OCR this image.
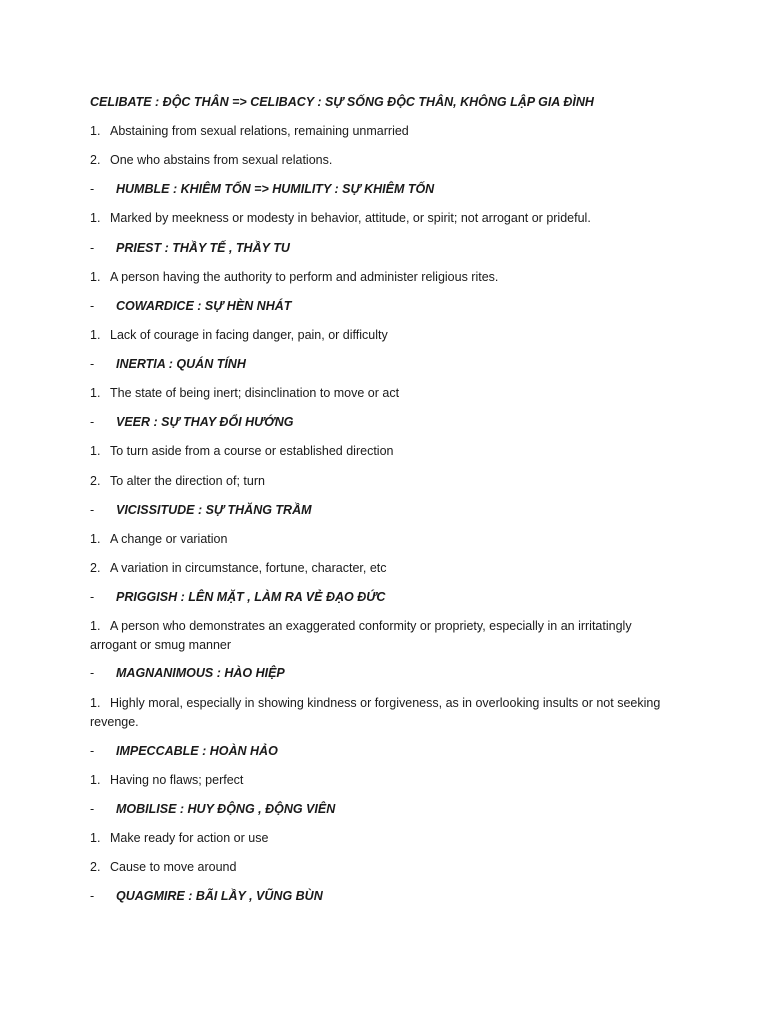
CELIBATE : ĐỘC THÂN => CELIBACY : SỰ SỐNG ĐỘC THÂN, KHÔNG LẬP GIA ĐÌNH
1. Abstaining from sexual relations, remaining unmarried
2. One who abstains from sexual relations.
- HUMBLE : KHIÊM TỐN => HUMILITY : SỰ KHIÊM TỐN
1. Marked by meekness or modesty in behavior, attitude, or spirit; not arrogant or prideful.
- PRIEST : THẦY TẾ , THẦY TU
1. A person having the authority to perform and administer religious rites.
- COWARDICE : SỰ HÈN NHÁT
1. Lack of courage in facing danger, pain, or difficulty
- INERTIA : QUÁN TÍNH
1. The state of being inert; disinclination to move or act
- VEER : SỰ THAY ĐỔI HƯỚNG
1. To turn aside from a course or established direction
2. To alter the direction of; turn
- VICISSITUDE : SỰ THĂNG TRẦM
1. A change or variation
2. A variation in circumstance, fortune, character, etc
- PRIGGISH : LÊN MẶT , LÀM RA VẺ ĐẠO ĐỨC
1. A person who demonstrates an exaggerated conformity or propriety, especially in an irritatingly arrogant or smug manner
- MAGNANIMOUS : HÀO HIỆP
1. Highly moral, especially in showing kindness or forgiveness, as in overlooking insults or not seeking revenge.
- IMPECCABLE : HOÀN HẢO
1. Having no flaws; perfect
- MOBILISE : HUY ĐỘNG , ĐỘNG VIÊN
1. Make ready for action or use
2. Cause to move around
- QUAGMIRE : BÃI LẦY , VŨNG BÙN
